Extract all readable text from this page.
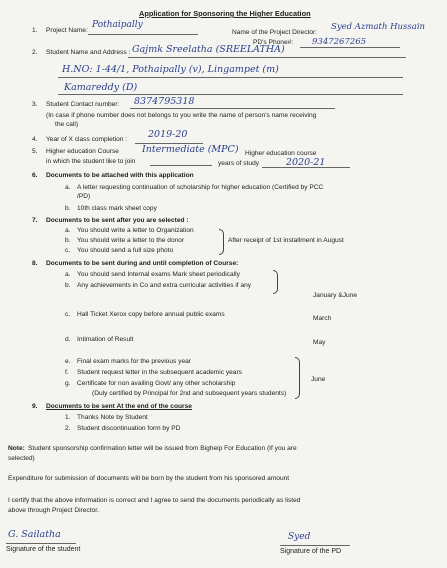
Application for Sponsoring the Higher Education
1. Project Name:
Pothaipally
Name of the Project Director:
Syed Azmath Hussain
PD's Phone#: 9347267265
2. Student Name and Address : Gajmk Sreelatha (SREELATHA)
H.NO: 1-44/1, Pothaipally (v), Lingampet (m)
Kamareddy (D)
3. Student Contact number: 8374795318
(In case if phone number does not belongs to you write the name of person's name receiving
the call)
4. Year of X class completion : 2019-20
5. Higher education Course Intermediate (MPC) Higher education course
in which the student like to join	years of study	2020-21
6. Documents to be attached with this application
a. A letter requesting continuation of scholarship for higher education (Certified by PCC
/PD)
b. 10th class mark sheet copy
7. Documents to be sent after you are selected :
a. You should write a letter to Organization
b. You should write a letter to the donor
c. You should send a full size photo
After receipt of 1st installment in August
8. Documents to be sent during and until completion of Course:
a. You should send Internal exams Mark sheet periodically
b. Any achievements in Co and extra curricular activities if any
January &June
c. Hall Ticket Xerox copy before annual public exams
March
d. Intimation of Result	May
e. Final exam marks for the previous year
f. Student request letter in the subsequent academic years
g. Certificate for non availing Govt/ any other scholarship
(Duly certified by Principal for 2nd and subsequent years students)
June
9. Documents to be sent At the end of the course
1. Thanks Note by Student
2. Student discontinuation form by PD
Note: Student sponsorship confirmation letter will be issued from Bigheip For Education (If you are
selected)
Expenditure for submission of documents will be born by the student from his sponsored amount
I certify that the above information is correct and I agree to send the documents periodically as listed
above through Project Director.
G. Sailatha
Signature of the student
Syed
Signature of the PD
